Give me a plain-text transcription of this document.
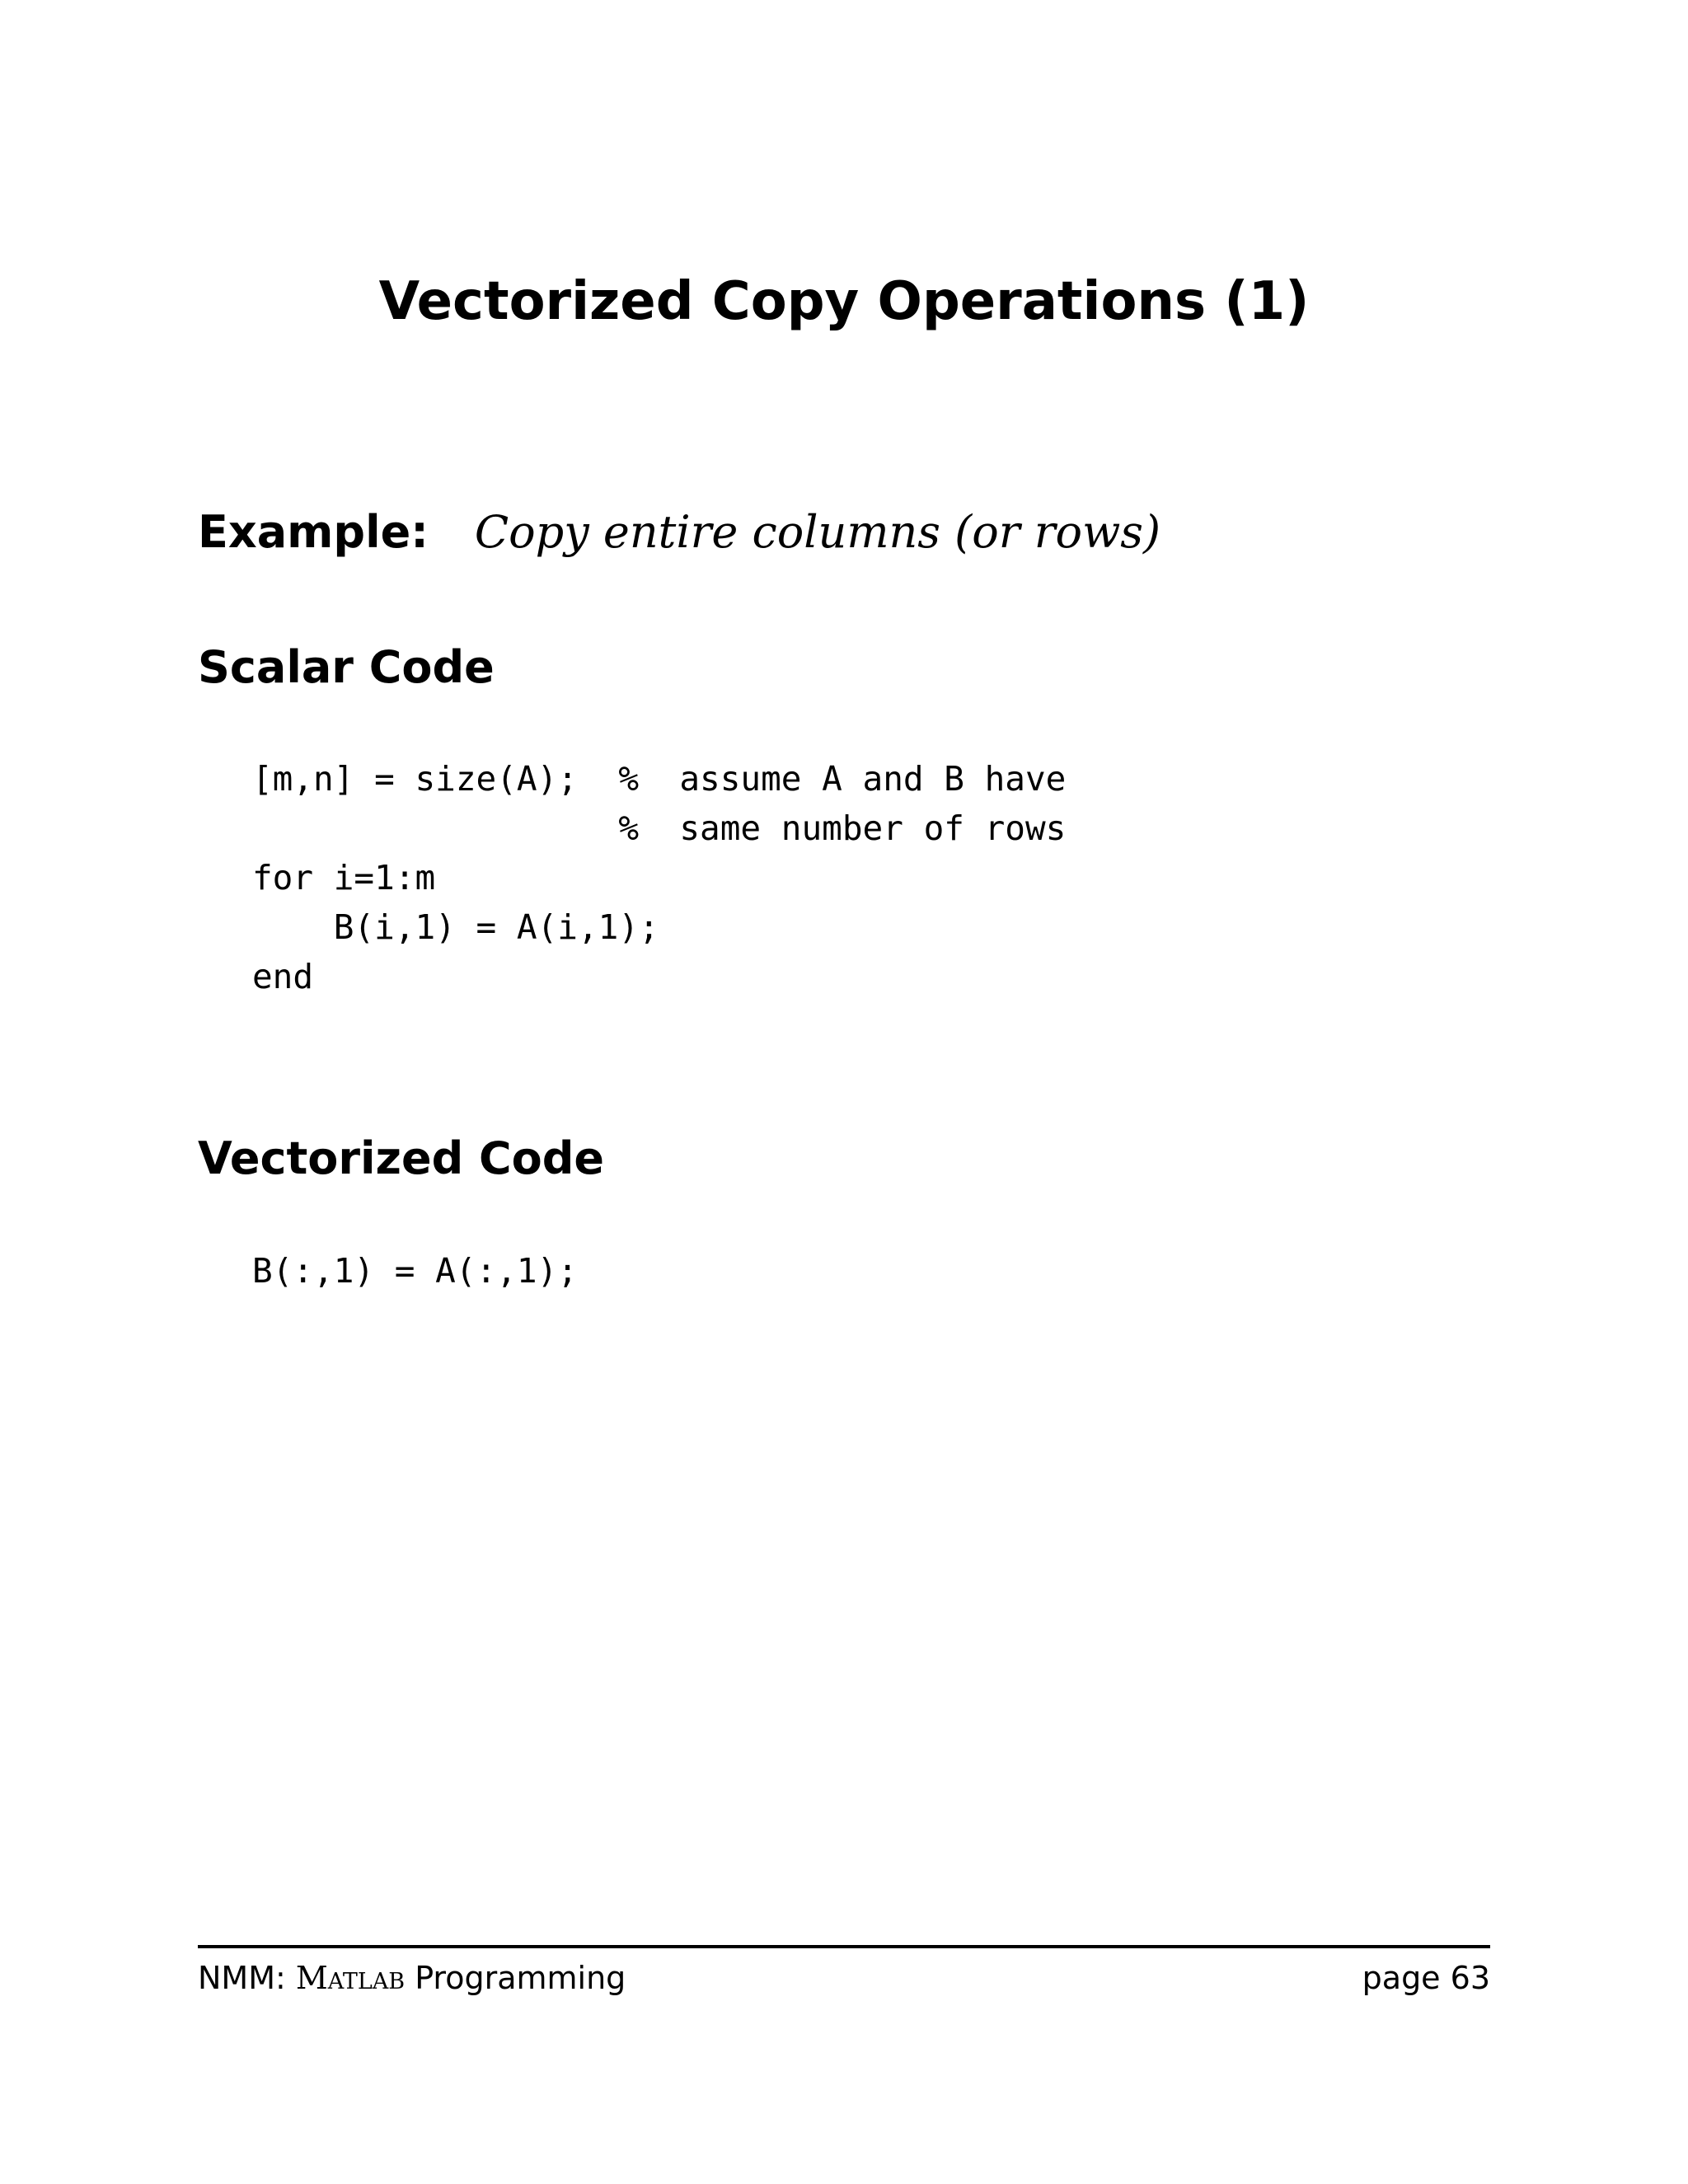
Vectorized Copy Operations (1)
Example: Copy entire columns (or rows)
Scalar Code
[m,n] = size(A);  %  assume A and B have
%  same number of rows
for i=1:m
B(i,1) = A(i,1);
end
Vectorized Code
B(:,1) = A(:,1);
NMM: Matlab Programming	page 63
